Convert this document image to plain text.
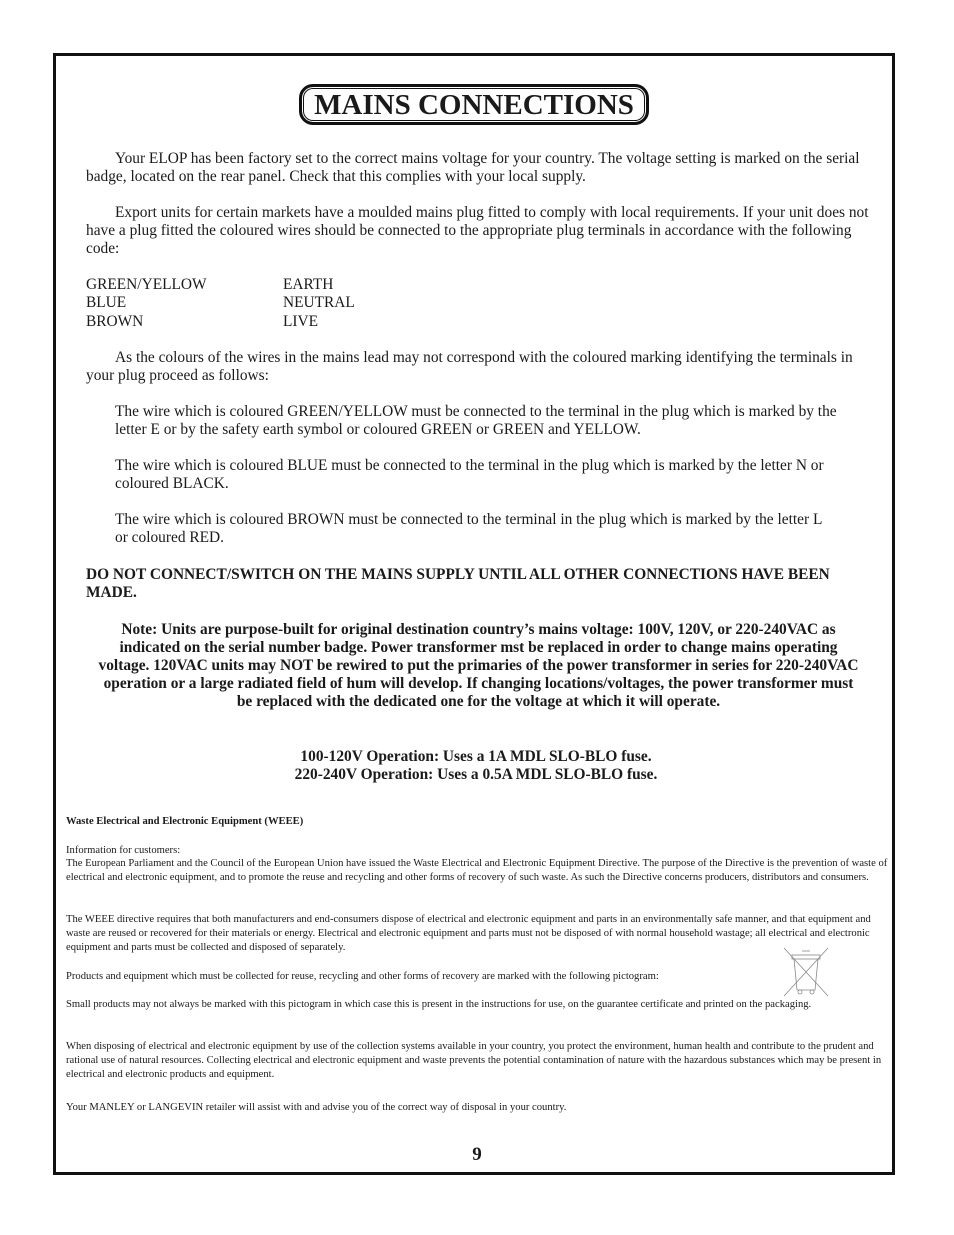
MAINS CONNECTIONS

Your ELOP has been factory set to the correct mains voltage for your country. The voltage setting is marked on the serial badge, located on the rear panel. Check that this complies with your local supply.

Export units for certain markets have a moulded mains plug fitted to comply with local requirements. If your unit does not have a plug fitted the coloured wires should be connected to the appropriate plug terminals in accordance with the following code:

GREEN/YELLOW	EARTH
BLUE	NEUTRAL
BROWN	LIVE

As the colours of the wires in the mains lead may not correspond with the coloured marking identifying the terminals in your plug proceed as follows:

The wire which is coloured GREEN/YELLOW must be connected to the terminal in the plug which is marked by the letter E or by the safety earth symbol or coloured GREEN or GREEN and YELLOW.

The wire which is coloured BLUE must be connected to the terminal in the plug which is marked by the letter N or coloured BLACK.

The wire which is coloured BROWN must be connected to the terminal in the plug which is marked by the letter L or coloured RED.

DO NOT CONNECT/SWITCH ON THE MAINS SUPPLY UNTIL ALL OTHER CONNECTIONS HAVE BEEN MADE.

Note: Units are purpose-built for original destination country’s mains voltage: 100V, 120V, or 220-240VAC as indicated on the serial number badge. Power transformer mst be replaced in order to change mains operating voltage. 120VAC units may NOT be rewired to put the primaries of the power transformer in series for 220-240VAC operation or a large radiated field of hum will develop. If changing locations/voltages, the power transformer must be replaced with the dedicated one for the voltage at which it will operate.

100-120V Operation: Uses a 1A MDL SLO-BLO fuse.

220-240V Operation: Uses a 0.5A MDL SLO-BLO fuse.

Waste Electrical and Electronic Equipment (WEEE)
Information for customers:
The European Parliament and the Council of the European Union have issued the Waste Electrical and Electronic Equipment Directive. The purpose of the Directive is the prevention of waste of electrical and electronic equipment, and to promote the reuse and recycling and other forms of recovery of such waste. As such the Directive concerns producers, distributors and consumers.
The WEEE directive requires that both manufacturers and end-consumers dispose of electrical and electronic equipment and parts in an environmentally safe manner, and that equipment and waste are reused or recovered for their materials or energy. Electrical and electronic equipment and parts must not be disposed of with normal household wastage; all electrical and electronic equipment and parts must be collected and disposed of separately.
Products and equipment which must be collected for reuse, recycling and other forms of recovery are marked with the following pictogram:
Small products may not always be marked with this pictogram in which case this is present in the instructions for use, on the guarantee certificate and printed on the packaging.
When disposing of electrical and electronic equipment by use of the collection systems available in your country, you protect the environment, human health and contribute to the prudent and rational use of natural resources. Collecting electrical and electronic equipment and waste prevents the potential contamination of nature with the hazardous substances which may be present in electrical and electronic products and equipment.
Your MANLEY or LANGEVIN retailer will assist with and advise you of the correct way of disposal in your country.
9
